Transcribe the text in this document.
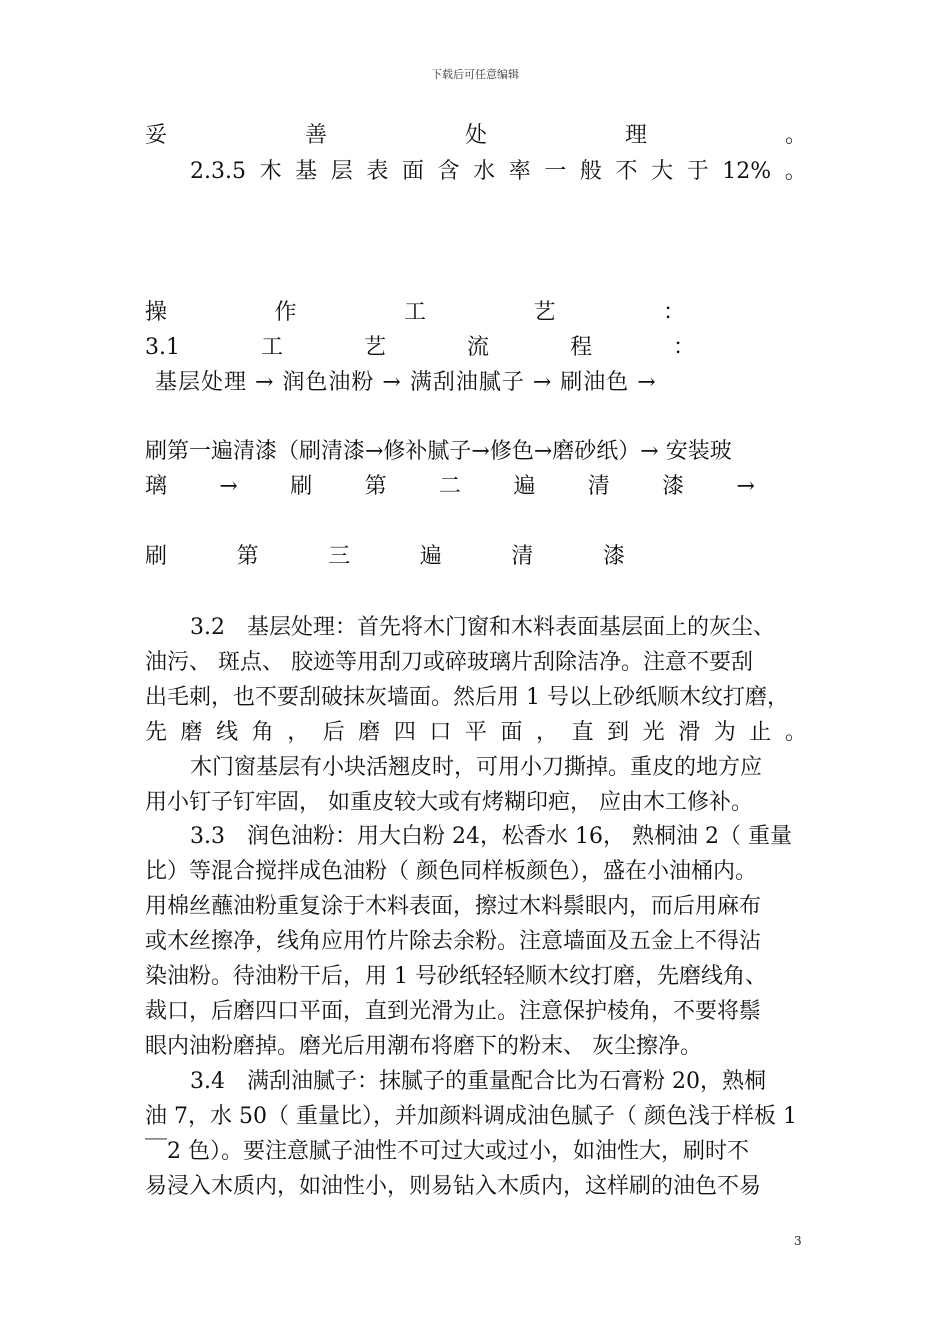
下载后可任意编辑
妥	善	处	理	。
2.3.5 木 基 层 表 面 含 水 率 一 般 不 大 于 12% 。
操	作	工	艺	：
3.1	工	艺	流	程	：
基层处理 → 润色油粉 → 满刮油腻子 → 刷油色 →
刷第一遍清漆（刷清漆→修补腻子→修色→磨砂纸）→ 安装玻
璃 → 刷 第 二 遍 清 漆 →
刷	第	三	遍	清	漆
3.2　基层处理：首先将木门窗和木料表面基层面上的灰尘、
油污、 斑点、 胶迹等用刮刀或碎玻璃片刮除洁净。注意不要刮
出毛刺，也不要刮破抹灰墙面。然后用 1 号以上砂纸顺木纹打磨，
先 磨 线 角 ， 后 磨 四 口 平 面 ， 直 到 光 滑 为 止 。
木门窗基层有小块活翘皮时，可用小刀撕掉。重皮的地方应
用小钉子钉牢固， 如重皮较大或有烤糊印疤， 应由木工修补。
3.3　润色油粉：用大白粉 24，松香水 16， 熟桐油 2（ 重量
比）等混合搅拌成色油粉（ 颜色同样板颜色），盛在小油桶内。
用棉丝蘸油粉重复涂于木料表面，擦过木料鬃眼内，而后用麻布
或木丝擦净，线角应用竹片除去余粉。注意墙面及五金上不得沾
染油粉。待油粉干后，用 1 号砂纸轻轻顺木纹打磨，先磨线角、
裁口，后磨四口平面，直到光滑为止。注意保护棱角，不要将鬃
眼内油粉磨掉。磨光后用潮布将磨下的粉末、 灰尘擦净。
3.4　满刮油腻子：抹腻子的重量配合比为石膏粉 20，熟桐
油 7，水 50（ 重量比），并加颜料调成油色腻子（ 颜色浅于样板 1
￣2 色）。要注意腻子油性不可过大或过小，如油性大，刷时不
易浸入木质内，如油性小，则易钻入木质内，这样刷的油色不易
3
